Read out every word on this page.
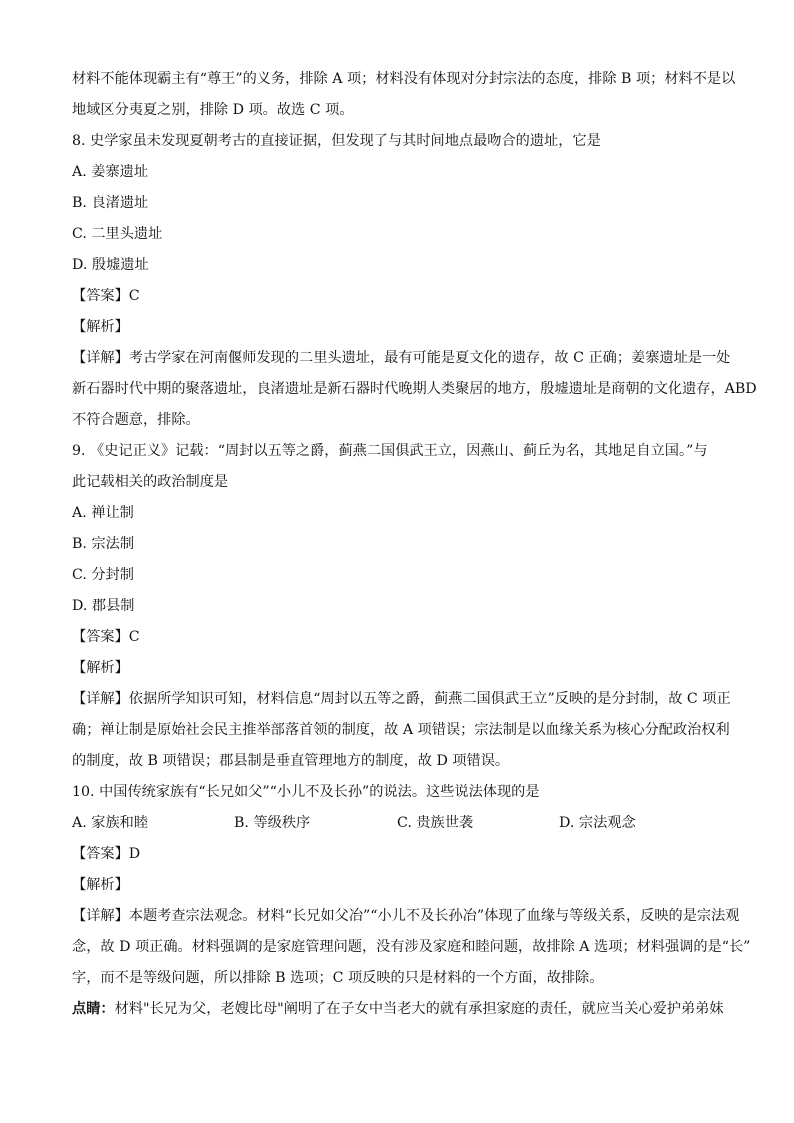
材料不能体现霸主有“尊王”的义务，排除 A 项；材料没有体现对分封宗法的态度，排除 B 项；材料不是以
地域区分夷夏之别，排除 D 项。故选 C 项。
8. 史学家虽未发现夏朝考古的直接证据，但发现了与其时间地点最吻合的遗址，它是
A. 姜寨遗址
B. 良渚遗址
C. 二里头遗址
D. 殷墟遗址
【答案】C
【解析】
【详解】考古学家在河南偃师发现的二里头遗址，最有可能是夏文化的遗存，故 C 正确；姜寨遗址是一处
新石器时代中期的聚落遗址，良渚遗址是新石器时代晚期人类聚居的地方，殷墟遗址是商朝的文化遗存，ABD
不符合题意，排除。
9. 《史记正义》记载：“周封以五等之爵，蓟燕二国俱武王立，因燕山、蓟丘为名，其地足自立国。”与
此记载相关的政治制度是
A. 禅让制
B. 宗法制
C. 分封制
D. 郡县制
【答案】C
【解析】
【详解】依据所学知识可知，材料信息“周封以五等之爵，蓟燕二国俱武王立”反映的是分封制，故 C 项正
确；禅让制是原始社会民主推举部落首领的制度，故 A 项错误；宗法制是以血缘关系为核心分配政治权利
的制度，故 B 项错误；郡县制是垂直管理地方的制度，故 D 项错误。
10. 中国传统家族有“长兄如父”“小儿不及长孙”的说法。这些说法体现的是
A. 家族和睦	B. 等级秩序	C. 贵族世袭	D. 宗法观念
【答案】D
【解析】
【详解】本题考查宗法观念。材料“长兄如父冶”“小儿不及长孙冶”体现了血缘与等级关系，反映的是宗法观
念，故 D 项正确。材料强调的是家庭管理问题，没有涉及家庭和睦问题，故排除 A 选项；材料强调的是“长”
字，而不是等级问题，所以排除 B 选项；C 项反映的只是材料的一个方面，故排除。
点睛：材料"长兄为父，老嫂比母"阐明了在子女中当老大的就有承担家庭的责任，就应当关心爱护弟弟妹
